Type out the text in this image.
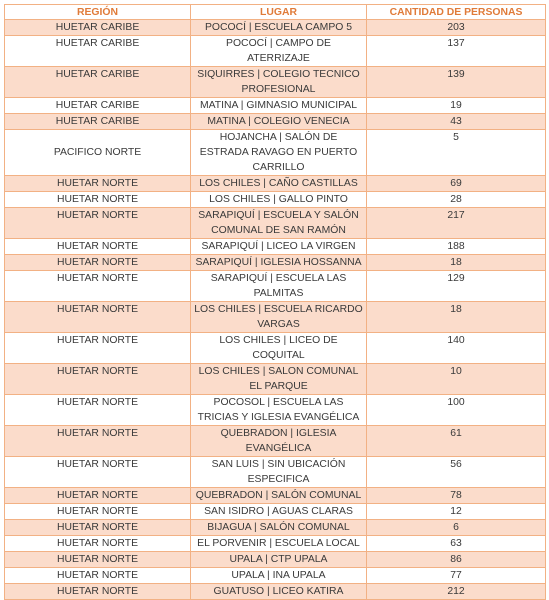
REGIÓN	LUGAR	CANTIDAD DE PERSONAS
HUETAR CARIBE	POCOCÍ | ESCUELA CAMPO 5	203
HUETAR CARIBE	POCOCÍ | CAMPO DE ATERRIZAJE	137
HUETAR CARIBE	SIQUIRRES | COLEGIO TECNICO PROFESIONAL	139
HUETAR CARIBE	MATINA | GIMNASIO MUNICIPAL	19
HUETAR CARIBE	MATINA | COLEGIO VENECIA	43
PACIFICO NORTE	HOJANCHA | SALÓN DE ESTRADA RAVAGO EN PUERTO CARRILLO	5
HUETAR NORTE	LOS CHILES | CAÑO CASTILLAS	69
HUETAR NORTE	LOS CHILES | GALLO PINTO	28
HUETAR NORTE	SARAPIQUÍ | ESCUELA Y SALÓN COMUNAL DE SAN RAMÓN	217
HUETAR NORTE	SARAPIQUÍ | LICEO LA VIRGEN	188
HUETAR NORTE	SARAPIQUÍ | IGLESIA HOSSANNA	18
HUETAR NORTE	SARAPIQUÍ | ESCUELA LAS PALMITAS	129
HUETAR NORTE	LOS CHILES | ESCUELA RICARDO VARGAS	18
HUETAR NORTE	LOS CHILES | LICEO DE COQUITAL	140
HUETAR NORTE	LOS CHILES | SALON COMUNAL EL PARQUE	10
HUETAR NORTE	POCOSOL | ESCUELA LAS TRICIAS Y IGLESIA EVANGÉLICA	100
HUETAR NORTE	QUEBRADON | IGLESIA EVANGÉLICA	61
HUETAR NORTE	SAN LUIS | SIN UBICACIÓN ESPECIFICA	56
HUETAR NORTE	QUEBRADON | SALÓN COMUNAL	78
HUETAR NORTE	SAN ISIDRO | AGUAS CLARAS	12
HUETAR NORTE	BIJAGUA | SALÓN COMUNAL	6
HUETAR NORTE	EL PORVENIR | ESCUELA LOCAL	63
HUETAR NORTE	UPALA | CTP UPALA	86
HUETAR NORTE	UPALA | INA UPALA	77
HUETAR NORTE	GUATUSO | LICEO KATIRA	212
